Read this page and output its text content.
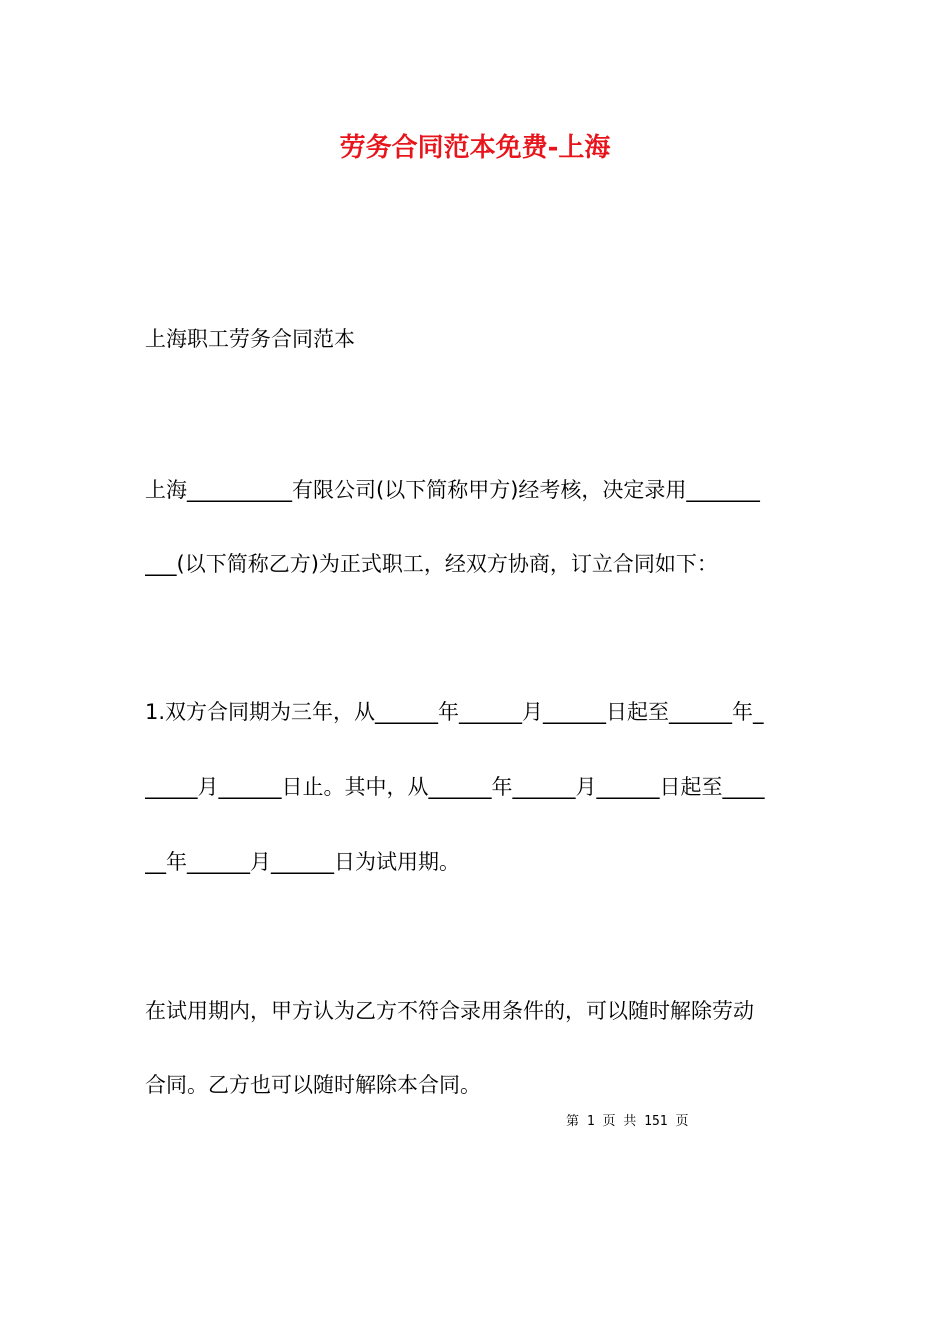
劳务合同范本免费-上海
上海职工劳务合同范本
上海__________有限公司(以下简称甲方)经考核，决定录用_______
___(以下简称乙方)为正式职工，经双方协商，订立合同如下：
1.双方合同期为三年，从______年______月______日起至______年_
_____月______日止。其中，从______年______月______日起至____
__年______月______日为试用期。
在试用期内，甲方认为乙方不符合录用条件的，可以随时解除劳动
合同。乙方也可以随时解除本合同。
第 1 页 共 151 页
